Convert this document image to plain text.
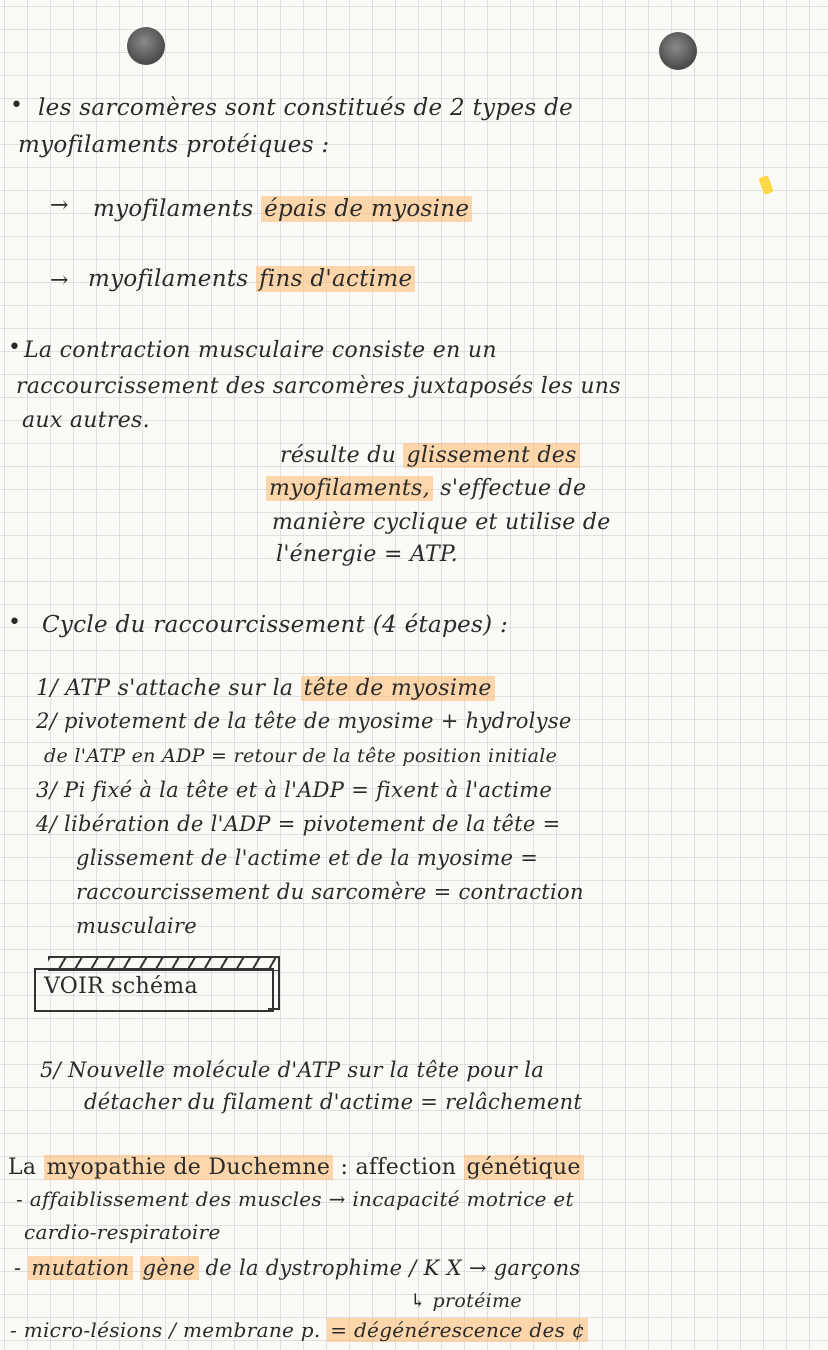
• les sarcomères sont constitués de 2 types de
myofilaments protéiques :
→ myofilaments épais de myosine
→ myofilaments fins d'actime
• La contraction musculaire consiste en un
raccourcissement des sarcomères juxtaposés les uns
aux autres.
résulte du glissement des
myofilaments, s'effectue de
manière cyclique et utilise de
l'énergie = ATP.
• Cycle du raccourcissement (4 étapes) :
1/ ATP s'attache sur la tête de myosime
2/ pivotement de la tête de myosime + hydrolyse
de l'ATP en ADP = retour de la tête position initiale
3/ Pi fixé à la tête et à l'ADP = fixent à l'actime
4/ libération de l'ADP = pivotement de la tête =
glissement de l'actime et de la myosime =
raccourcissement du sarcomère = contraction
musculaire
VOIR schéma
5/ Nouvelle molécule d'ATP sur la tête pour la
détacher du filament d'actime = relâchement
La myopathie de Duchemne : affection génétique
- affaiblissement des muscles → incapacité motrice et
cardio-respiratoire
- mutation gène de la dystrophime / K X → garçons
↳ protéime
- micro-lésions / membrane p. = dégénérescence des ¢
